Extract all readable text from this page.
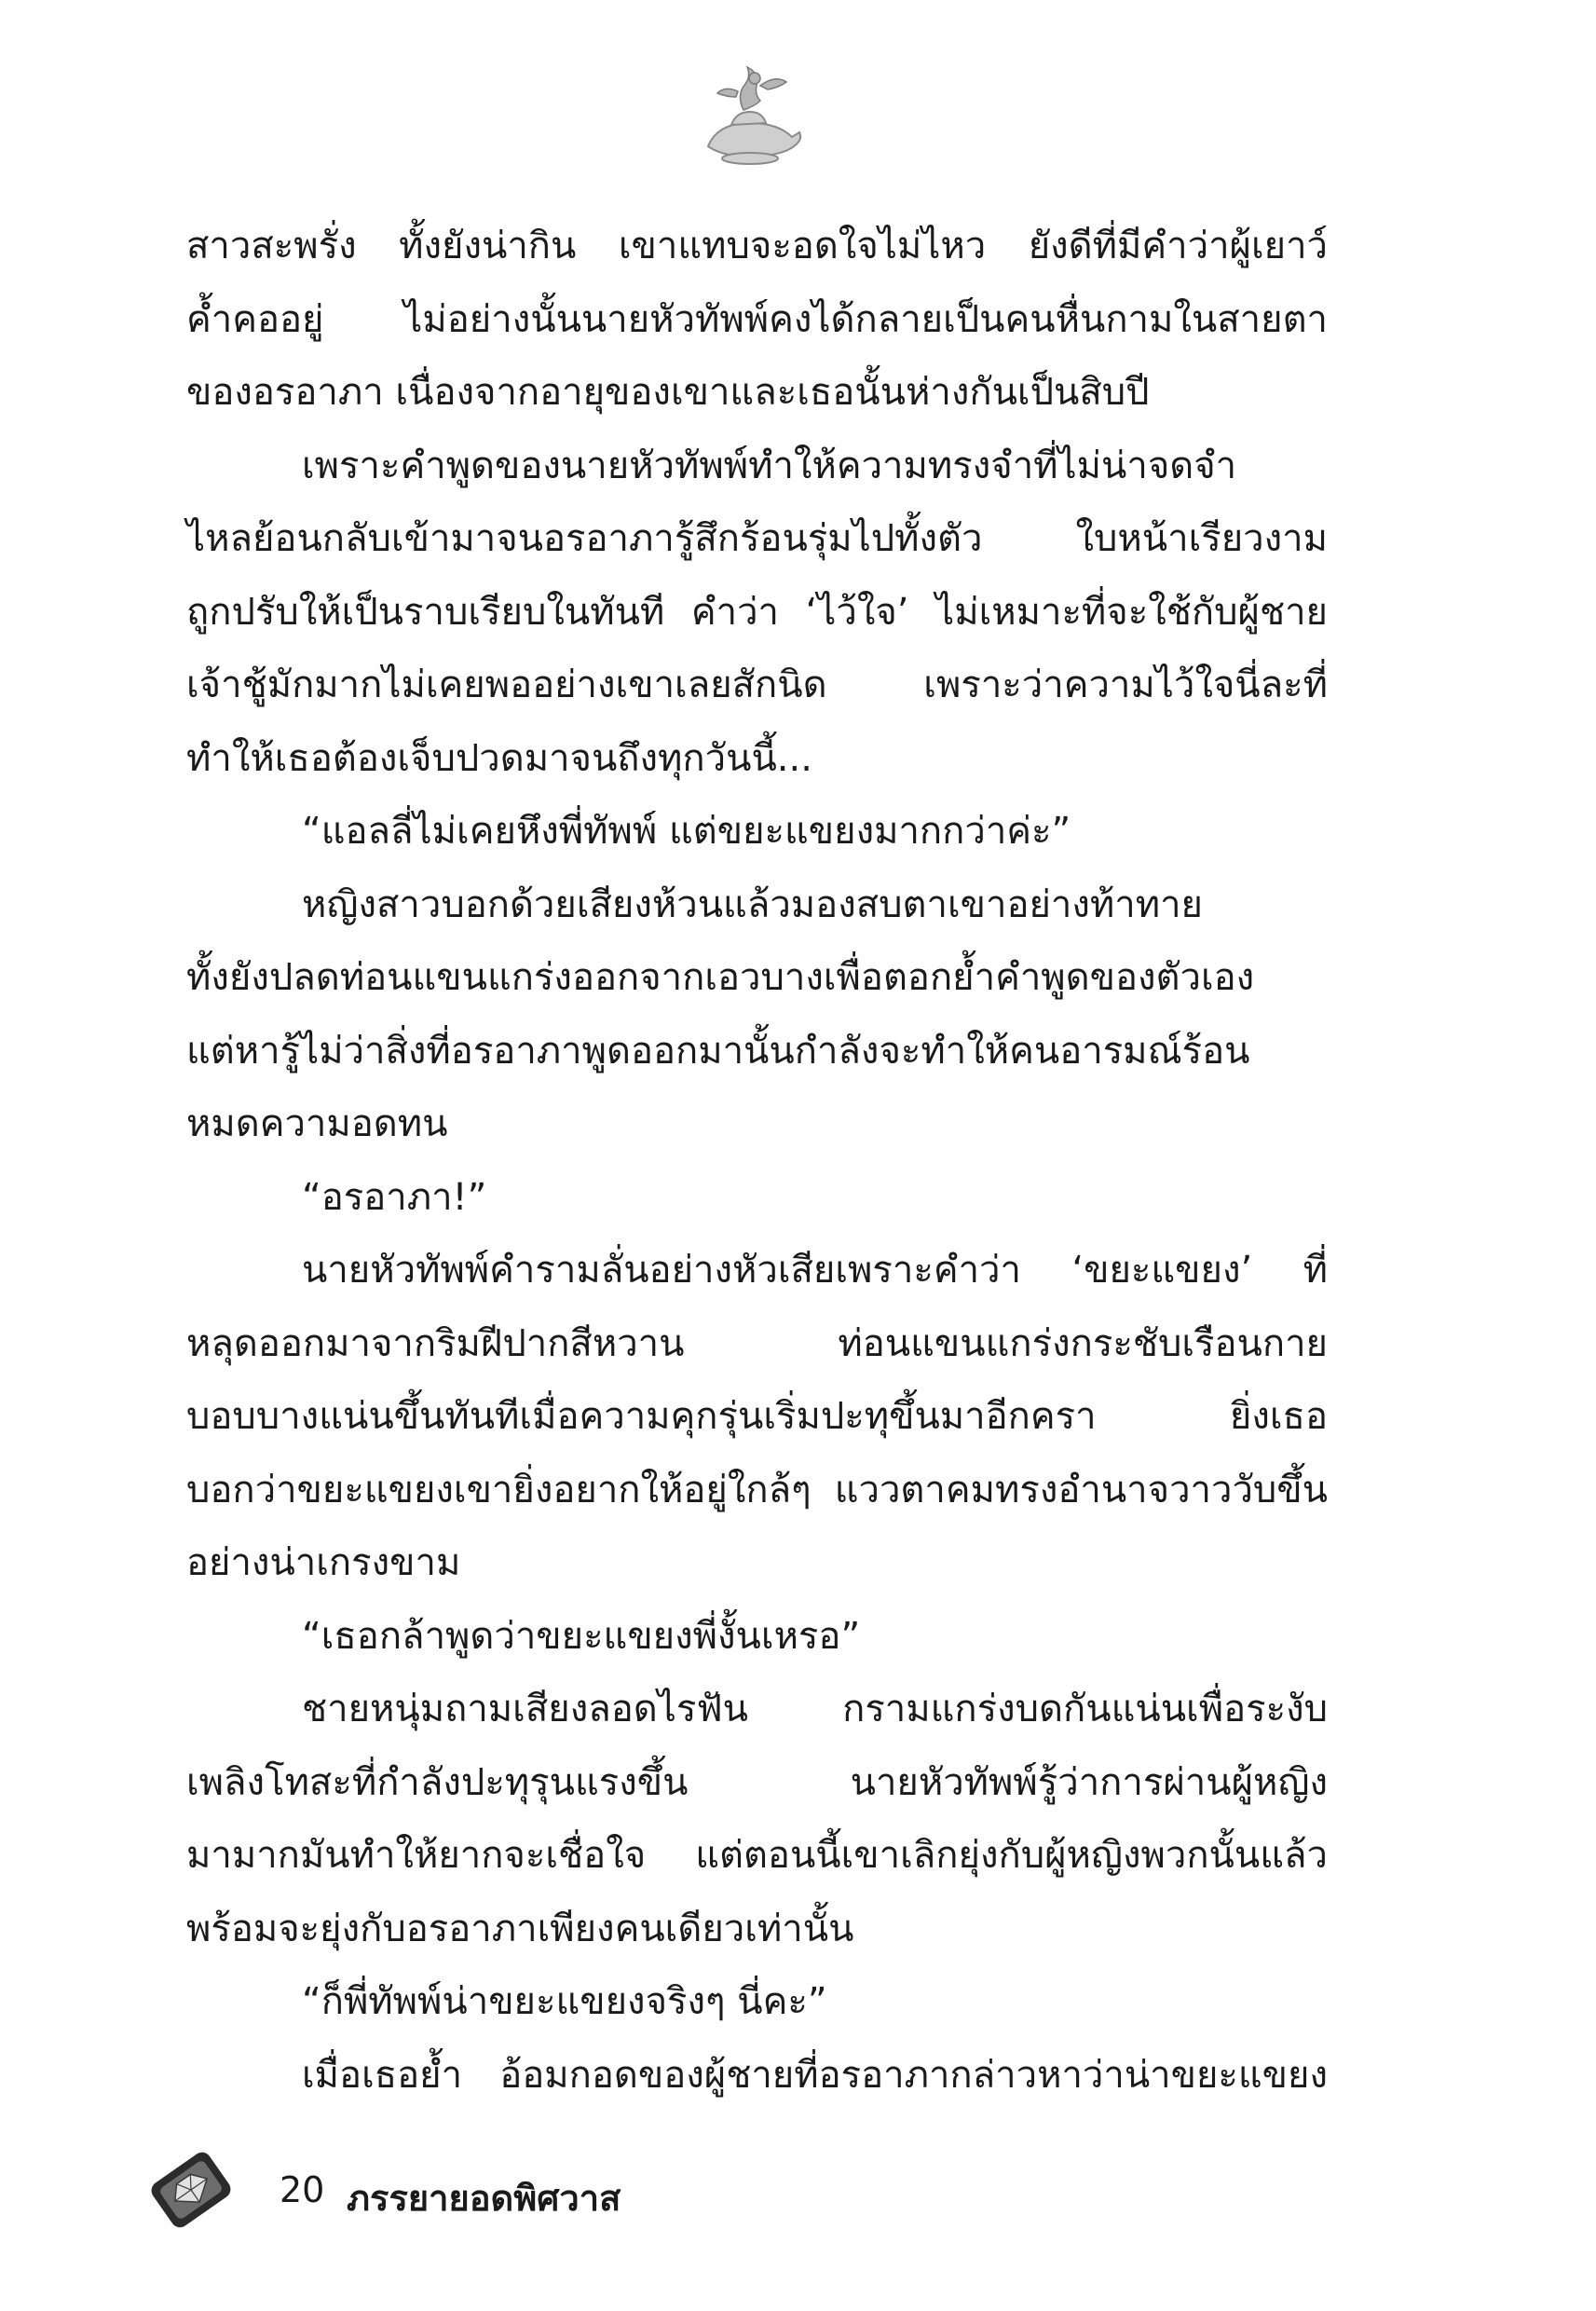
สาวสะพรั่ง ทั้งยังน่ากิน เขาแทบจะอดใจไม่ไหว ยังดีที่มีคำว่าผู้เยาว์
ค้ำคออยู่ ไม่อย่างนั้นนายหัวทัพพ์คงได้กลายเป็นคนหื่นกามในสายตา
ของอรอาภา เนื่องจากอายุของเขาและเธอนั้นห่างกันเป็นสิบปี
เพราะคำพูดของนายหัวทัพพ์ทำให้ความทรงจำที่ไม่น่าจดจำ
ไหลย้อนกลับเข้ามาจนอรอาภารู้สึกร้อนรุ่มไปทั้งตัว ใบหน้าเรียวงาม
ถูกปรับให้เป็นราบเรียบในทันที คำว่า ‘ไว้ใจ’ ไม่เหมาะที่จะใช้กับผู้ชาย
เจ้าชู้มักมากไม่เคยพออย่างเขาเลยสักนิด เพราะว่าความไว้ใจนี่ละที่
ทำให้เธอต้องเจ็บปวดมาจนถึงทุกวันนี้...
“แอลลี่ไม่เคยหึงพี่ทัพพ์ แต่ขยะแขยงมากกว่าค่ะ”
หญิงสาวบอกด้วยเสียงห้วนแล้วมองสบตาเขาอย่างท้าทาย
ทั้งยังปลดท่อนแขนแกร่งออกจากเอวบางเพื่อตอกย้ำคำพูดของตัวเอง
แต่หารู้ไม่ว่าสิ่งที่อรอาภาพูดออกมานั้นกำลังจะทำให้คนอารมณ์ร้อน
หมดความอดทน
“อรอาภา!”
นายหัวทัพพ์คำรามลั่นอย่างหัวเสียเพราะคำว่า ‘ขยะแขยง’ ที่
หลุดออกมาจากริมฝีปากสีหวาน ท่อนแขนแกร่งกระชับเรือนกาย
บอบบางแน่นขึ้นทันทีเมื่อความคุกรุ่นเริ่มปะทุขึ้นมาอีกครา ยิ่งเธอ
บอกว่าขยะแขยงเขายิ่งอยากให้อยู่ใกล้ๆ แววตาคมทรงอำนาจวาววับขึ้น
อย่างน่าเกรงขาม
“เธอกล้าพูดว่าขยะแขยงพี่งั้นเหรอ”
ชายหนุ่มถามเสียงลอดไรฟัน กรามแกร่งบดกันแน่นเพื่อระงับ
เพลิงโทสะที่กำลังปะทุรุนแรงขึ้น นายหัวทัพพ์รู้ว่าการผ่านผู้หญิง
มามากมันทำให้ยากจะเชื่อใจ แต่ตอนนี้เขาเลิกยุ่งกับผู้หญิงพวกนั้นแล้ว
พร้อมจะยุ่งกับอรอาภาเพียงคนเดียวเท่านั้น
“ก็พี่ทัพพ์น่าขยะแขยงจริงๆ นี่คะ”
เมื่อเธอย้ำ อ้อมกอดของผู้ชายที่อรอาภากล่าวหาว่าน่าขยะแขยง
20 ภรรยายอดพิศวาส
